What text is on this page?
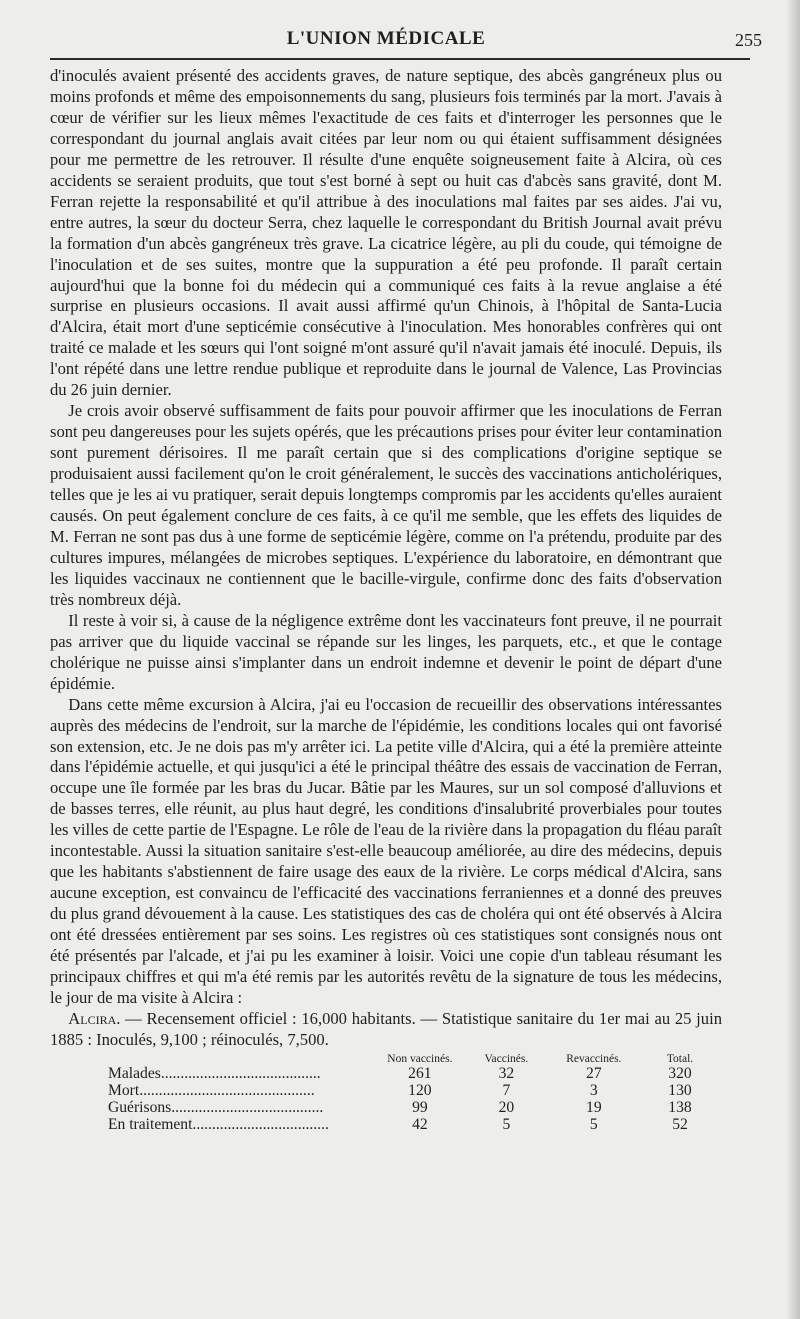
L'UNION MÉDICALE	255

d'inoculés avaient présenté des accidents graves, de nature septique, des abcès gangréneux plus ou moins profonds et même des empoisonnements du sang, plusieurs fois terminés par la mort. J'avais à cœur de vérifier sur les lieux mêmes l'exactitude de ces faits et d'interroger les personnes que le correspondant du journal anglais avait citées par leur nom ou qui étaient suffisamment désignées pour me permettre de les retrouver. Il résulte d'une enquête soigneusement faite à Alcira, où ces accidents se seraient produits, que tout s'est borné à sept ou huit cas d'abcès sans gravité, dont M. Ferran rejette la responsabilité et qu'il attribue à des inoculations mal faites par ses aides. J'ai vu, entre autres, la sœur du docteur Serra, chez laquelle le correspondant du British Journal avait prévu la formation d'un abcès gangréneux très grave. La cicatrice légère, au pli du coude, qui témoigne de l'inoculation et de ses suites, montre que la suppuration a été peu profonde. Il paraît certain aujourd'hui que la bonne foi du médecin qui a communiqué ces faits à la revue anglaise a été surprise en plusieurs occasions. Il avait aussi affirmé qu'un Chinois, à l'hôpital de Santa-Lucia d'Alcira, était mort d'une septicémie consécutive à l'inoculation. Mes honorables confrères qui ont traité ce malade et les sœurs qui l'ont soigné m'ont assuré qu'il n'avait jamais été inoculé. Depuis, ils l'ont répété dans une lettre rendue publique et reproduite dans le journal de Valence, Las Provincias du 26 juin dernier.

Je crois avoir observé suffisamment de faits pour pouvoir affirmer que les inoculations de Ferran sont peu dangereuses pour les sujets opérés, que les précautions prises pour éviter leur contamination sont purement dérisoires. Il me paraît certain que si des complications d'origine septique se produisaient aussi facilement qu'on le croit généralement, le succès des vaccinations anticholériques, telles que je les ai vu pratiquer, serait depuis longtemps compromis par les accidents qu'elles auraient causés. On peut également conclure de ces faits, à ce qu'il me semble, que les effets des liquides de M. Ferran ne sont pas dus à une forme de septicémie légère, comme on l'a prétendu, produite par des cultures impures, mélangées de microbes septiques. L'expérience du laboratoire, en démontrant que les liquides vaccinaux ne contiennent que le bacille-virgule, confirme donc des faits d'observation très nombreux déjà.

Il reste à voir si, à cause de la négligence extrême dont les vaccinateurs font preuve, il ne pourrait pas arriver que du liquide vaccinal se répande sur les linges, les parquets, etc., et que le contage cholérique ne puisse ainsi s'implanter dans un endroit indemne et devenir le point de départ d'une épidémie.

Dans cette même excursion à Alcira, j'ai eu l'occasion de recueillir des observations intéressantes auprès des médecins de l'endroit, sur la marche de l'épidémie, les conditions locales qui ont favorisé son extension, etc. Je ne dois pas m'y arrêter ici. La petite ville d'Alcira, qui a été la première atteinte dans l'épidémie actuelle, et qui jusqu'ici a été le principal théâtre des essais de vaccination de Ferran, occupe une île formée par les bras du Jucar. Bâtie par les Maures, sur un sol composé d'alluvions et de basses terres, elle réunit, au plus haut degré, les conditions d'insalubrité proverbiales pour toutes les villes de cette partie de l'Espagne. Le rôle de l'eau de la rivière dans la propagation du fléau paraît incontestable. Aussi la situation sanitaire s'est-elle beaucoup améliorée, au dire des médecins, depuis que les habitants s'abstiennent de faire usage des eaux de la rivière. Le corps médical d'Alcira, sans aucune exception, est convaincu de l'efficacité des vaccinations ferraniennes et a donné des preuves du plus grand dévouement à la cause. Les statistiques des cas de choléra qui ont été observés à Alcira ont été dressées entièrement par ses soins. Les registres où ces statistiques sont consignés nous ont été présentés par l'alcade, et j'ai pu les examiner à loisir. Voici une copie d'un tableau résumant les principaux chiffres et qui m'a été remis par les autorités revêtu de la signature de tous les médecins, le jour de ma visite à Alcira :

Alcira. — Recensement officiel : 16,000 habitants. — Statistique sanitaire du 1er mai au 25 juin 1885 : Inoculés, 9,100 ; réinoculés, 7,500.

	Non vaccinés.	Vaccinés.	Revaccinés.	Total.
Malades.........................................	261	32	27	320
Mort.............................................	120	7	3	130
Guérisons.......................................	99	20	19	138
En traitement...................................	42	5	5	52
